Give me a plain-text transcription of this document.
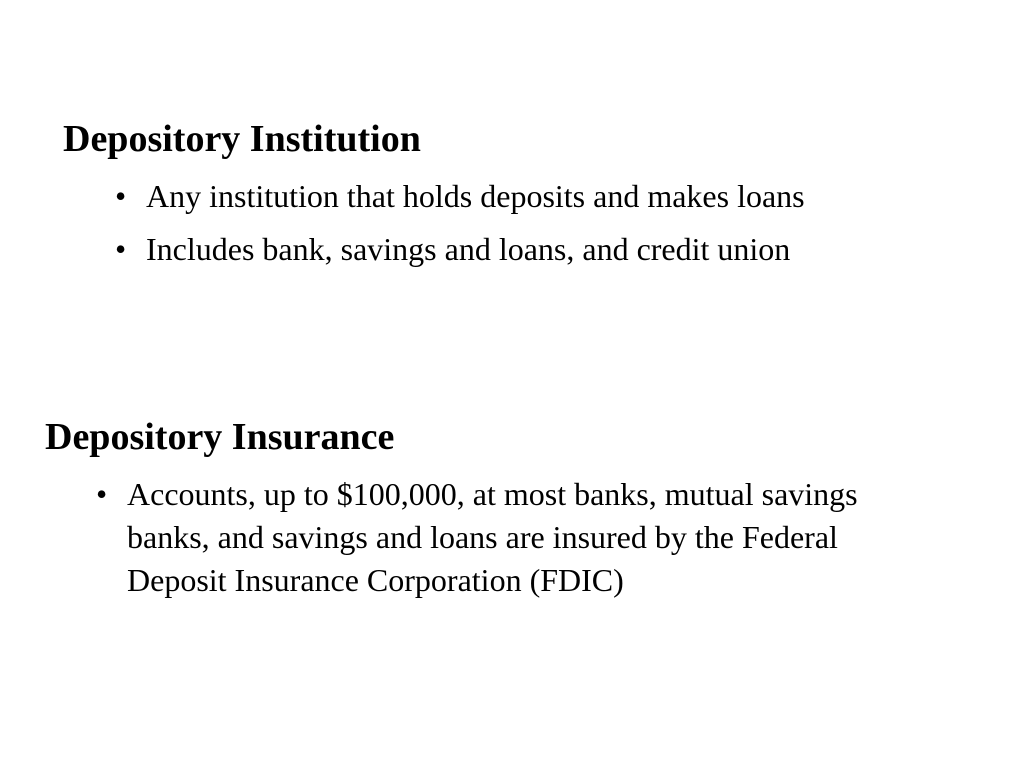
Depository Institution
• Any institution that holds deposits and makes loans
• Includes bank, savings and loans, and credit union
Depository Insurance
• Accounts, up to $100,000, at most banks, mutual savings banks, and savings and loans are insured by the Federal Deposit Insurance Corporation (FDIC)
